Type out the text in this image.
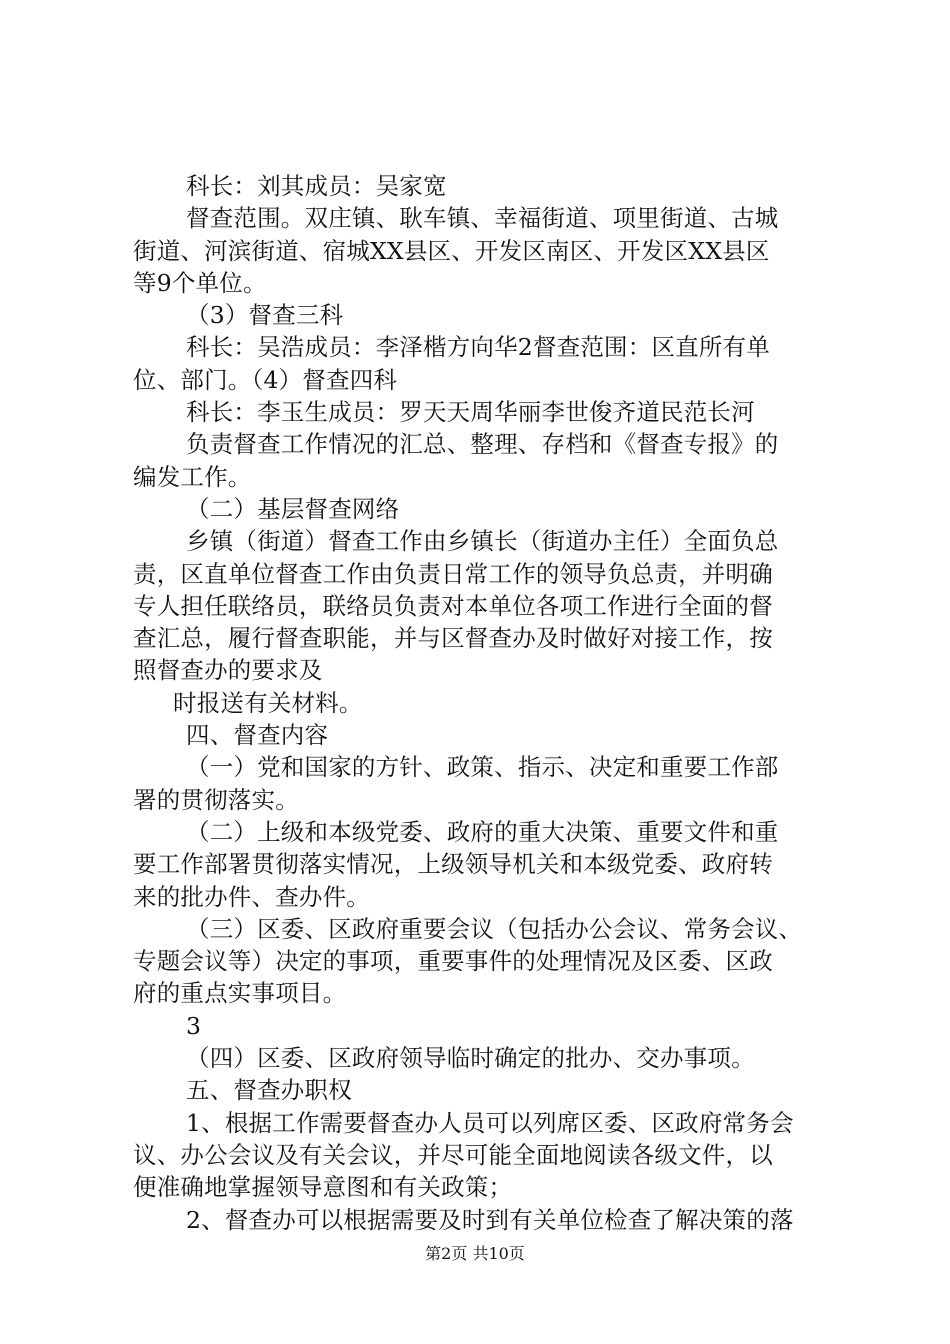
科长：刘其成员：吴家宽
督查范围。双庄镇、耿车镇、幸福街道、项里街道、古城
街道、河滨街道、宿城XX县区、开发区南区、开发区XX县区
等9个单位。
（3）督查三科
科长：吴浩成员：李泽楷方向华2督查范围：区直所有单
位、部门。（4）督查四科
科长：李玉生成员：罗天天周华丽李世俊齐道民范长河
负责督查工作情况的汇总、整理、存档和《督查专报》的
编发工作。
（二）基层督查网络
乡镇（街道）督查工作由乡镇长（街道办主任）全面负总
责，区直单位督查工作由负责日常工作的领导负总责，并明确
专人担任联络员，联络员负责对本单位各项工作进行全面的督
查汇总，履行督查职能，并与区督查办及时做好对接工作，按
照督查办的要求及
时报送有关材料。
四、督查内容
（一）党和国家的方针、政策、指示、决定和重要工作部
署的贯彻落实。
（二）上级和本级党委、政府的重大决策、重要文件和重
要工作部署贯彻落实情况，上级领导机关和本级党委、政府转
来的批办件、查办件。
（三）区委、区政府重要会议（包括办公会议、常务会议、
专题会议等）决定的事项，重要事件的处理情况及区委、区政
府的重点实事项目。
3
（四）区委、区政府领导临时确定的批办、交办事项。
五、督查办职权
1、根据工作需要督查办人员可以列席区委、区政府常务会
议、办公会议及有关会议，并尽可能全面地阅读各级文件，以
便准确地掌握领导意图和有关政策；
2、督查办可以根据需要及时到有关单位检查了解决策的落
第2页 共10页
